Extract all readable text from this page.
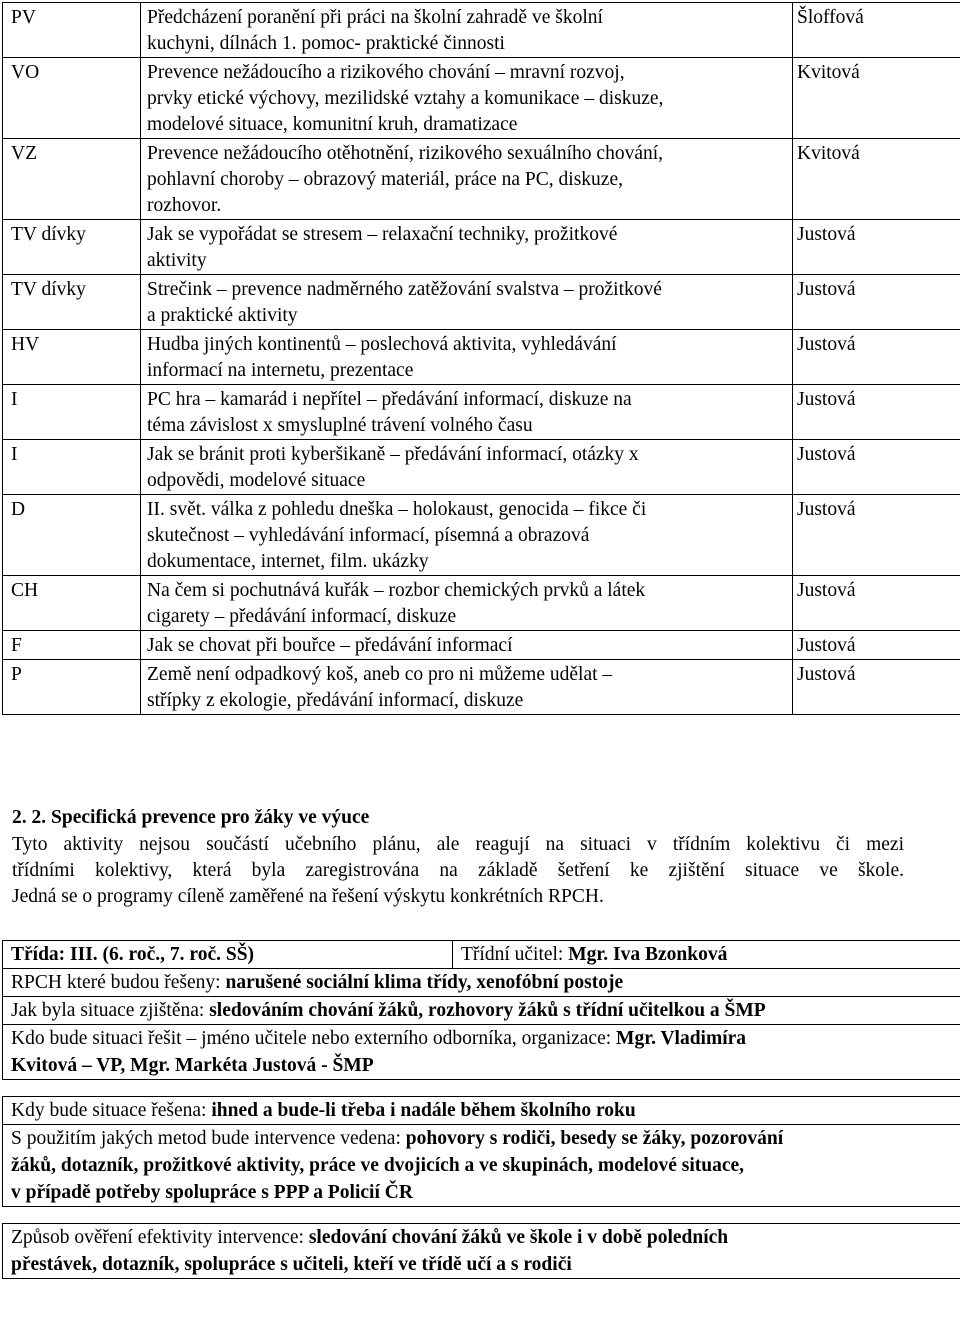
PV	Předcházení poranění při práci na školní zahradě ve školní
kuchyni, dílnách 1. pomoc- praktické činnosti	Šloffová
VO	Prevence nežádoucího a rizikového chování – mravní rozvoj,
prvky etické výchovy, mezilidské vztahy a komunikace – diskuze,
modelové situace, komunitní kruh, dramatizace	Kvitová
VZ	Prevence nežádoucího otěhotnění, rizikového sexuálního chování,
pohlavní choroby – obrazový materiál, práce na PC, diskuze,
rozhovor.	Kvitová
TV dívky	Jak se vypořádat se stresem – relaxační techniky, prožitkové
aktivity	Justová
TV dívky	Strečink – prevence nadměrného zatěžování svalstva – prožitkové
a praktické aktivity	Justová
HV	Hudba jiných kontinentů – poslechová aktivita, vyhledávání
informací na internetu, prezentace	Justová
I	PC hra – kamarád i nepřítel – předávání informací, diskuze na
téma závislost x smysluplné trávení volného času	Justová
I	Jak se bránit proti kyberšikaně – předávání informací, otázky x
odpovědi, modelové situace	Justová
D	II. svět. válka z pohledu dneška – holokaust, genocida – fikce či
skutečnost – vyhledávání informací, písemná a obrazová
dokumentace, internet, film. ukázky	Justová
CH	Na čem si pochutnává kuřák – rozbor chemických prvků a látek
cigarety – předávání informací, diskuze	Justová
F	Jak se chovat při bouřce – předávání informací	Justová
P	Země není odpadkový koš, aneb co pro ni můžeme udělat –
střípky z ekologie, předávání informací, diskuze	Justová
2. 2. Specifická prevence pro žáky ve výuce

Tyto aktivity nejsou součástí učebního plánu, ale reagují na situaci v třídním kolektivu či mezi

třídními kolektivy, která byla zaregistrována na základě šetření ke zjištění situace ve škole.

Jedná se o programy cíleně zaměřené na řešení výskytu konkrétních RPCH.

Třída: III. (6. roč., 7. roč. SŠ)	Třídní učitel: Mgr. Iva Bzonková
RPCH které budou řešeny: narušené sociální klima třídy, xenofóbní postoje
Jak byla situace zjištěna: sledováním chování žáků, rozhovory žáků s třídní učitelkou a ŠMP
Kdo bude situaci řešit – jméno učitele nebo externího odborníka, organizace: Mgr. Vladimíra
Kvitová – VP, Mgr. Markéta Justová - ŠMP

Kdy bude situace řešena: ihned a bude-li třeba i nadále během školního roku
S použitím jakých metod bude intervence vedena: pohovory s rodiči, besedy se žáky, pozorování
žáků, dotazník, prožitkové aktivity, práce ve dvojicích a ve skupinách, modelové situace,
v případě potřeby spolupráce s PPP a Policií ČR

Způsob ověření efektivity intervence: sledování chování žáků ve škole i v době poledních
přestávek, dotazník, spolupráce s učiteli, kteří ve třídě učí a s rodiči
